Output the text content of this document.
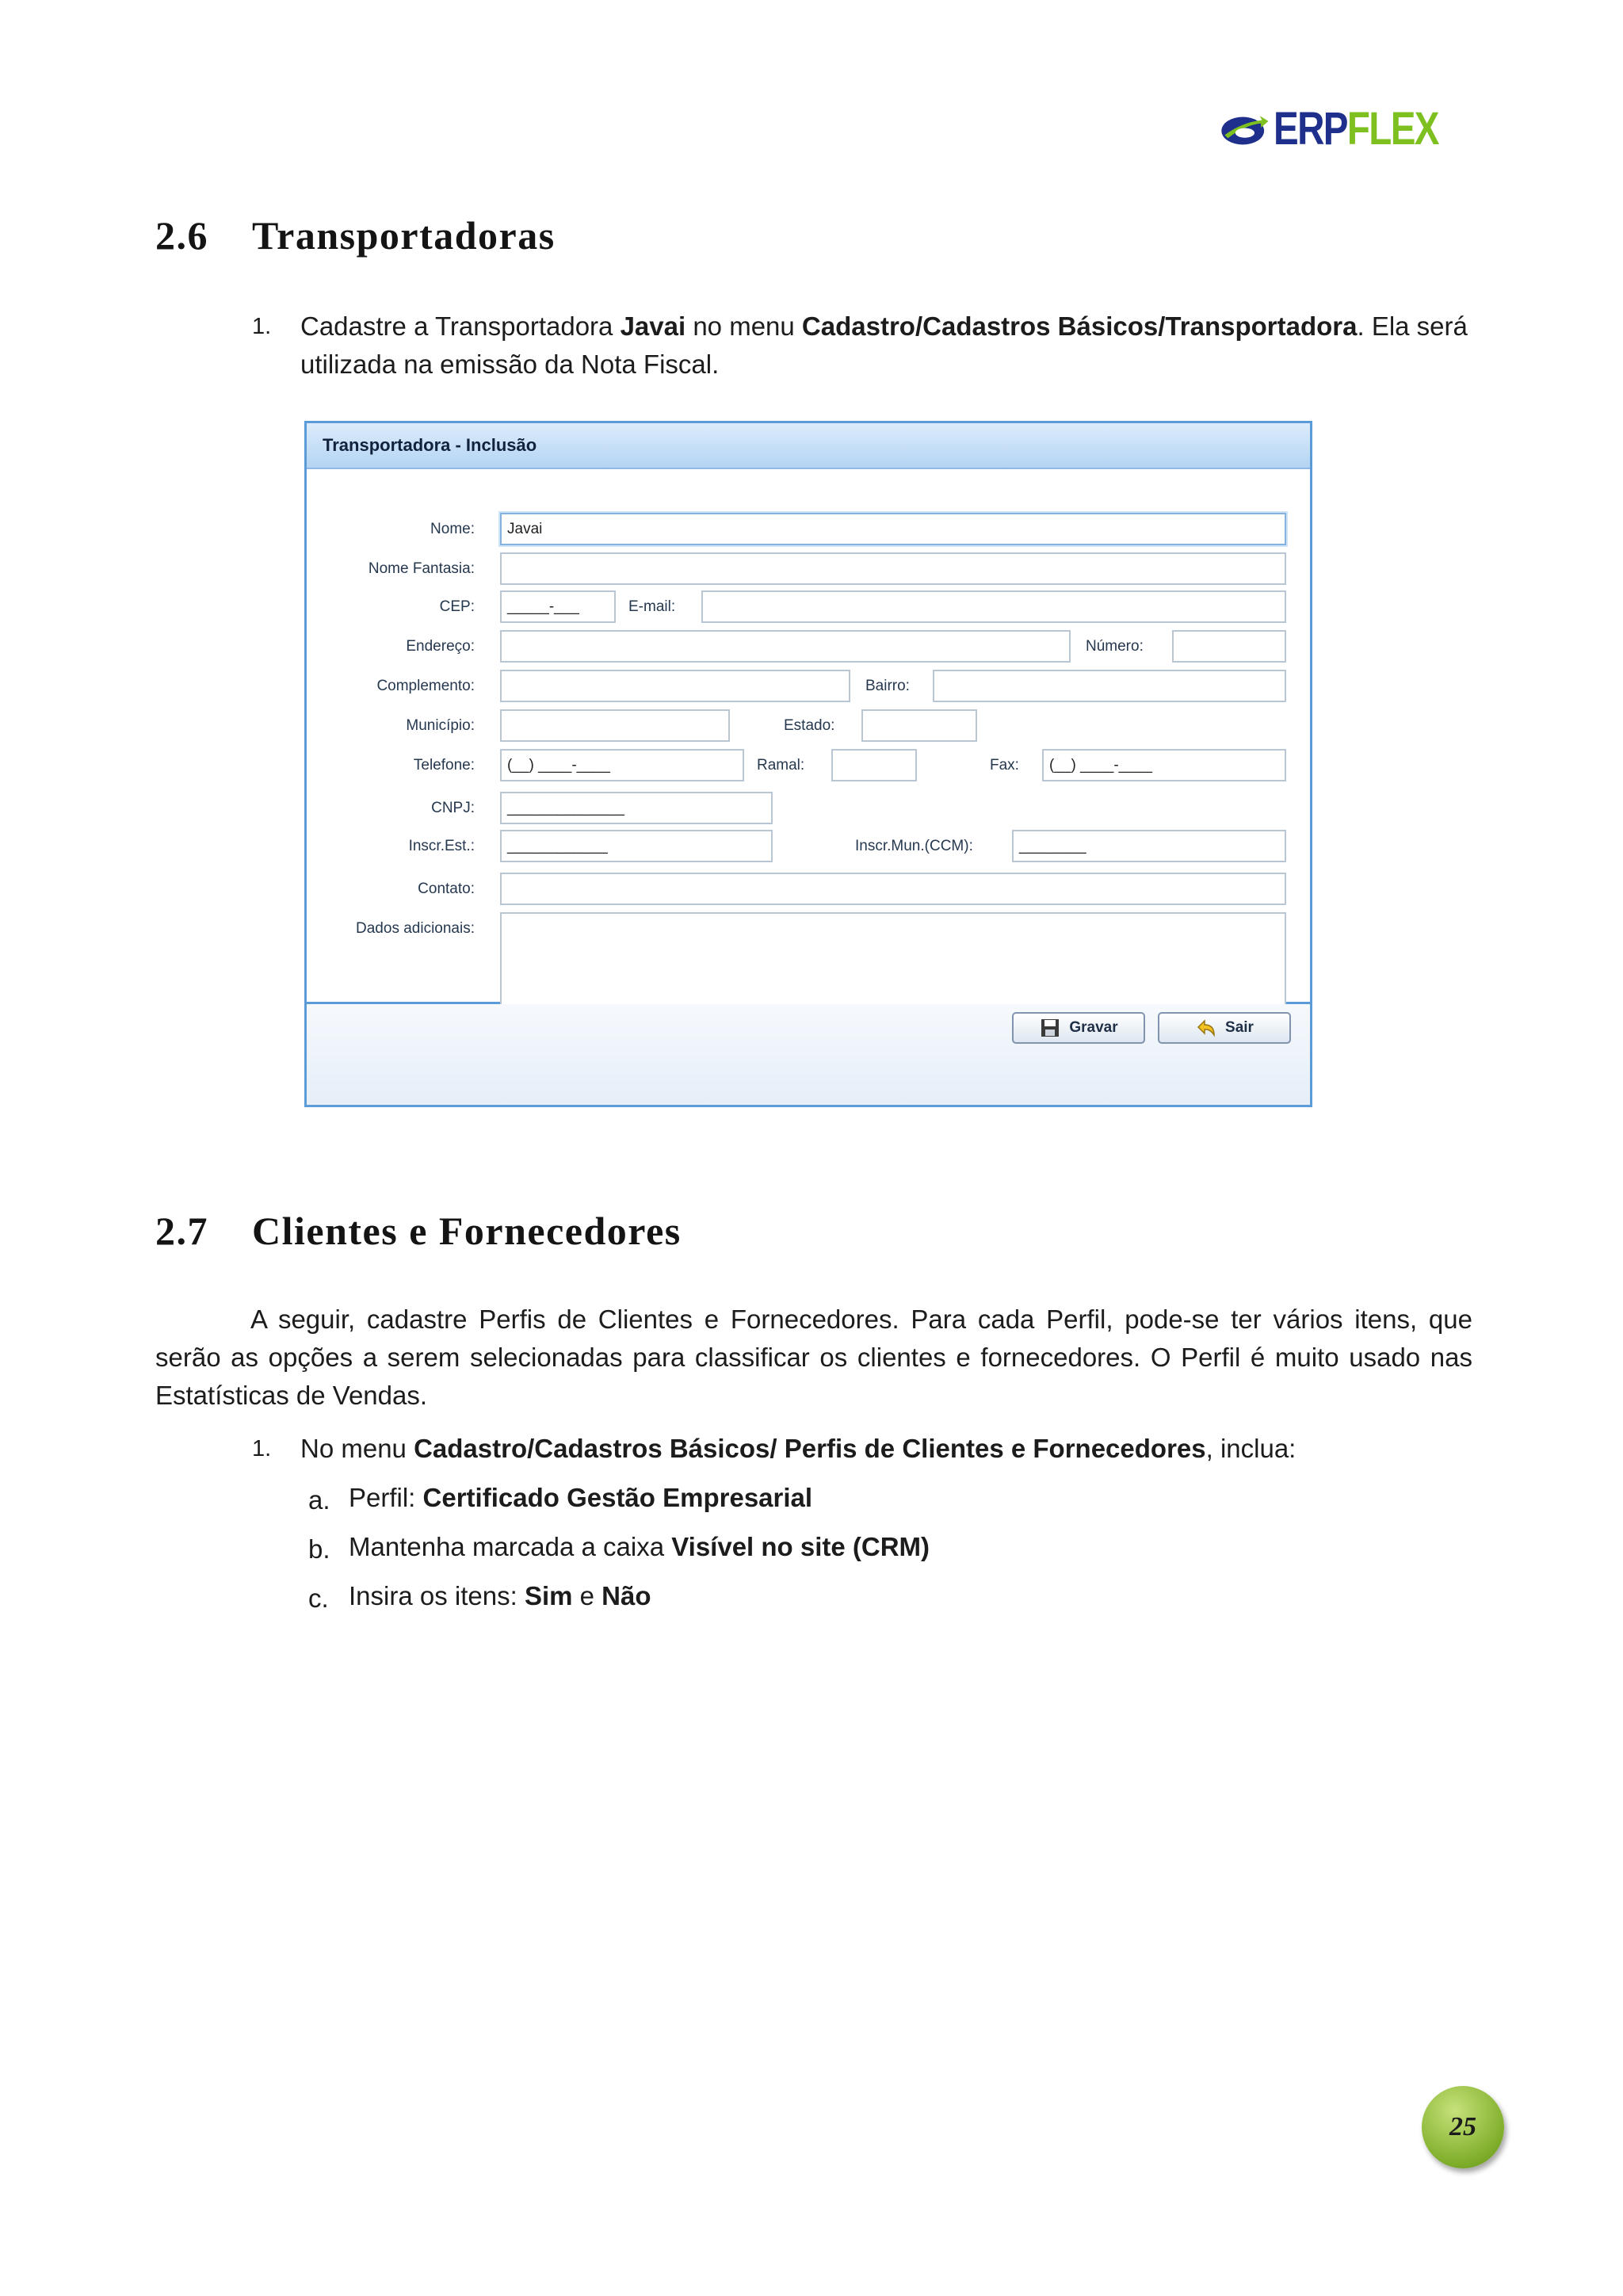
ERPFLEX
2.6 Transportadoras
1. Cadastre a Transportadora Javai no menu Cadastro/Cadastros Básicos/Transportadora. Ela será
utilizada na emissão da Nota Fiscal.
Transportadora - Inclusão
Nome:	Javai
Nome Fantasia:
CEP:	_____-___	E-mail:
Endereço:	Número:
Complemento:	Bairro:
Município:	Estado:
Telefone:	(__) ____-____	Ramal:	Fax:	(__) ____-____
CNPJ:	______________
Inscr.Est.:	____________	Inscr.Mun.(CCM):	________
Contato:
Dados adicionais:
Gravar	Sair
2.7 Clientes e Fornecedores
A seguir, cadastre Perfis de Clientes e Fornecedores. Para cada Perfil, pode-se ter vários itens, que
serão as opções a serem selecionadas para classificar os clientes e fornecedores. O Perfil é muito usado nas
Estatísticas de Vendas.
1. No menu Cadastro/Cadastros Básicos/ Perfis de Clientes e Fornecedores, inclua:
a. Perfil: Certificado Gestão Empresarial
b. Mantenha marcada a caixa Visível no site (CRM)
c. Insira os itens: Sim e Não
25
